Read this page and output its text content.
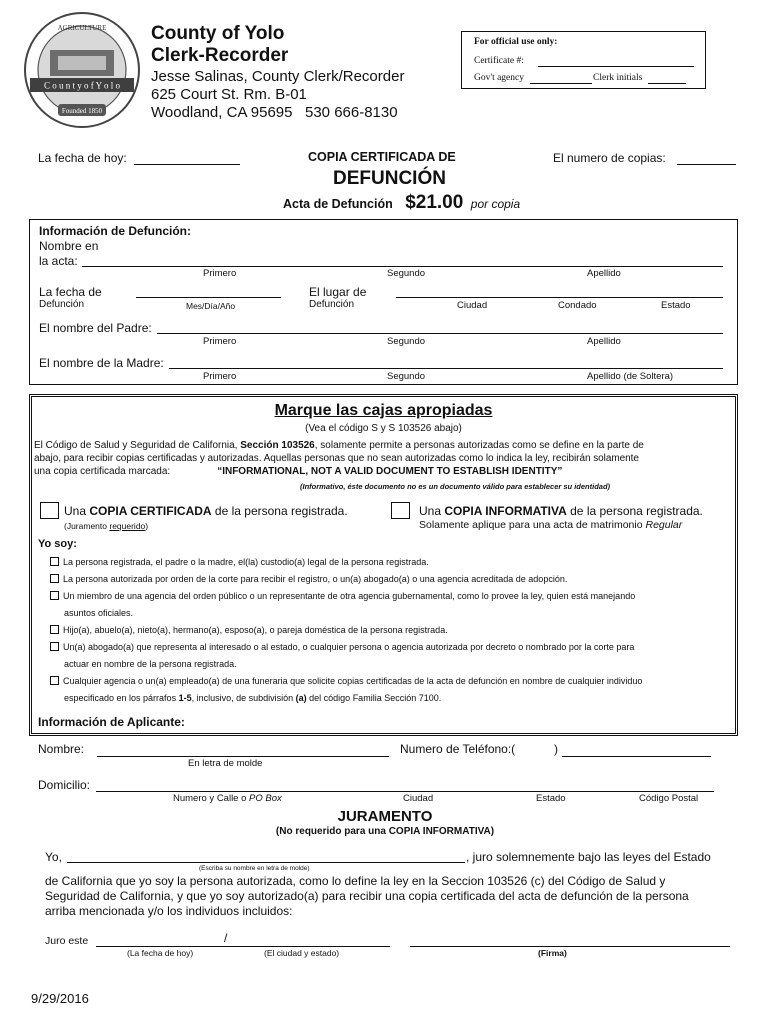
C o u n t y o f Y o l o
AGRICULTURE
Founded 1850
County of Yolo
Clerk-Recorder
Jesse Salinas, County Clerk/Recorder
625 Court St. Rm. B-01
Woodland, CA 95695   530 666-8130
For official use only:
Certificate #:
Gov't agency	Clerk initials
La fecha de hoy:	COPIA CERTIFICADA DE	El numero de copias:
DEFUNCIÓN
Acta de Defunción $21.00 por copia
Información de Defunción:
Nombre en
la acta:
Primero	Segundo	Apellido
La fecha de
Defunción	Mes/Día/Año
El lugar de
Defunción	Ciudad	Condado	Estado
El nombre del Padre:
Primero	Segundo	Apellido
El nombre de la Madre:
Primero	Segundo	Apellido (de Soltera)
Marque las cajas apropiadas
(Vea el código S y S 103526 abajo)
El Código de Salud y Seguridad de California, Sección 103526, solamente permite a personas autorizadas como se define en la parte de
abajo, para recibir copias certificadas y autorizadas. Aquellas personas que no sean autorizadas como lo indica la ley, recibirán solamente
una copia certificada marcada:	“INFORMATIONAL, NOT A VALID DOCUMENT TO ESTABLISH IDENTITY”
(Informativo, éste documento no es un documento válido para establecer su identidad)
Una COPIA CERTIFICADA de la persona registrada.
(Juramento requerido)
Una COPIA INFORMATIVA de la persona registrada.
Solamente aplique para una acta de matrimonio Regular
Yo soy:
La persona registrada, el padre o la madre, el(la) custodio(a) legal de la persona registrada.
La persona autorizada por orden de la corte para recibir el registro, o un(a) abogado(a) o una agencia acreditada de adopción.
Un miembro de una agencia del orden público o un representante de otra agencia gubernamental, como lo provee la ley, quien está manejando
asuntos oficiales.
Hijo(a), abuelo(a), nieto(a), hermano(a), esposo(a), o pareja doméstica de la persona registrada.
Un(a) abogado(a) que representa al interesado o al estado, o cualquier persona o agencia autorizada por decreto o nombrado por la corte para
actuar en nombre de la persona registrada.
Cualquier agencia o un(a) empleado(a) de una funeraria que solicite copias certificadas de la acta de defunción en nombre de cualquier individuo
especificado en los párrafos 1-5, inclusivo, de subdivisión (a) del código Familia Sección 7100.
Información de Aplicante:
Nombre:
En letra de molde
Numero de Teléfono:(	)
Domicilio:
Numero y Calle o PO Box	Ciudad	Estado	Código Postal
JURAMENTO
(No requerido para una COPIA INFORMATIVA)
Yo,	, juro solemnemente bajo las leyes del Estado
(Escriba su nombre en letra de molde)
de California que yo soy la persona autorizada, como lo define la ley en la Seccion 103526 (c) del Código de Salud y
Seguridad de California, y que yo soy autorizado(a) para recibir una copia certificada del acta de defunción de la persona
arriba mencionada y/o los individuos incluidos:
Juro este	/
(La fecha de hoy)	(El ciudad y estado)	(Firma)
9/29/2016
